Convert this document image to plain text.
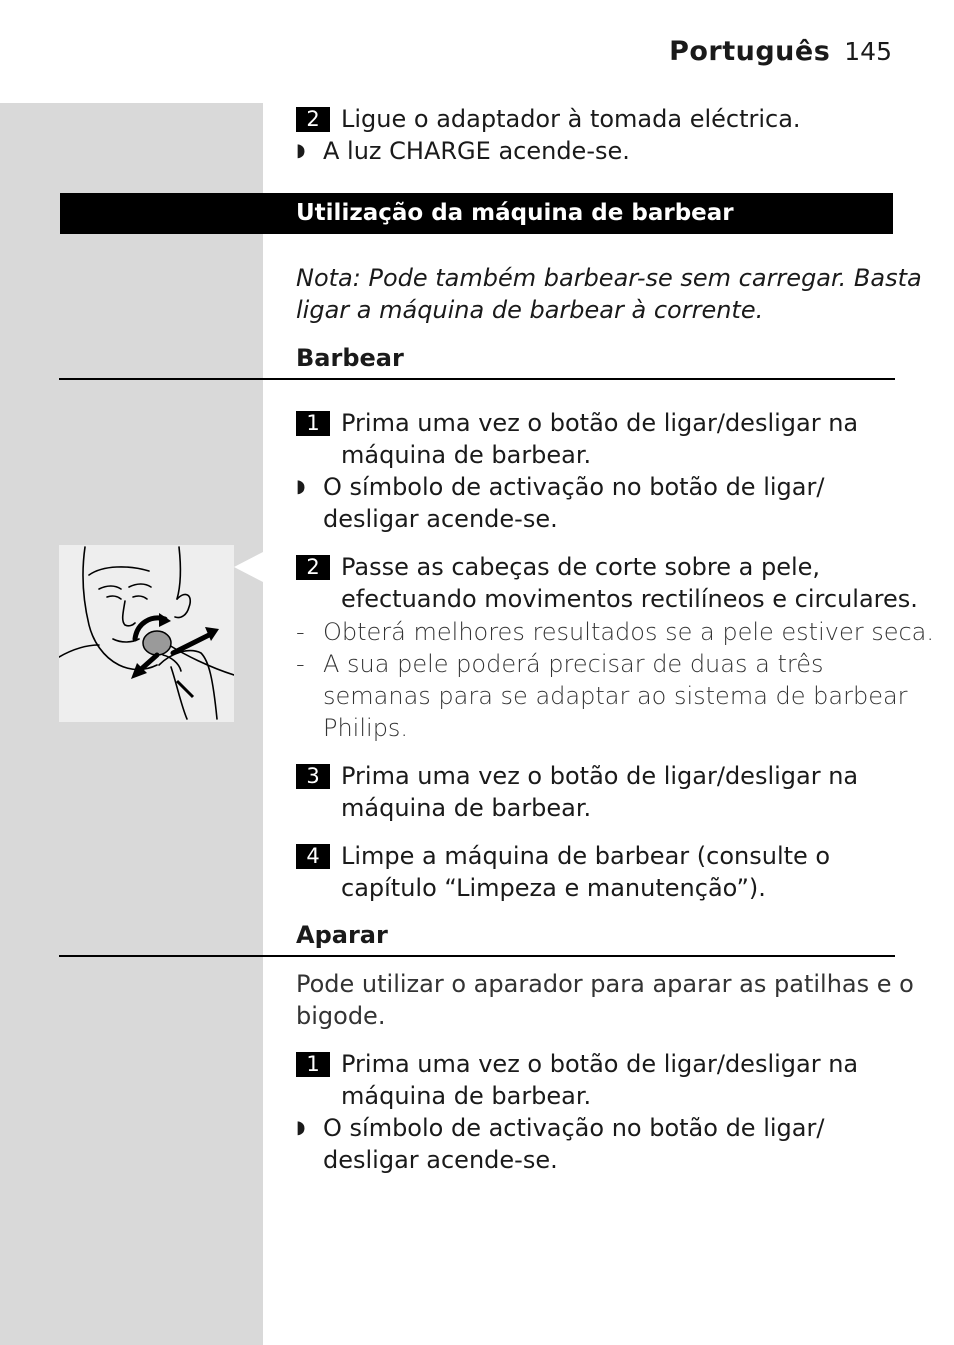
Português 145
2 Ligue o adaptador à tomada eléctrica.
◗ A luz CHARGE acende-se.
Utilização da máquina de barbear
Nota: Pode também barbear-se sem carregar. Basta
ligar a máquina de barbear à corrente.
Barbear
1 Prima uma vez o botão de ligar/desligar na
máquina de barbear.
◗ O símbolo de activação no botão de ligar/
desligar acende-se.
2 Passe as cabeças de corte sobre a pele,
efectuando movimentos rectilíneos e circulares.
- Obterá melhores resultados se a pele estiver seca.
- A sua pele poderá precisar de duas a três
semanas para se adaptar ao sistema de barbear
Philips.
3 Prima uma vez o botão de ligar/desligar na
máquina de barbear.
4 Limpe a máquina de barbear (consulte o
capítulo “Limpeza e manutenção”).
Aparar
Pode utilizar o aparador para aparar as patilhas e o
bigode.
1 Prima uma vez o botão de ligar/desligar na
máquina de barbear.
◗ O símbolo de activação no botão de ligar/
desligar acende-se.
